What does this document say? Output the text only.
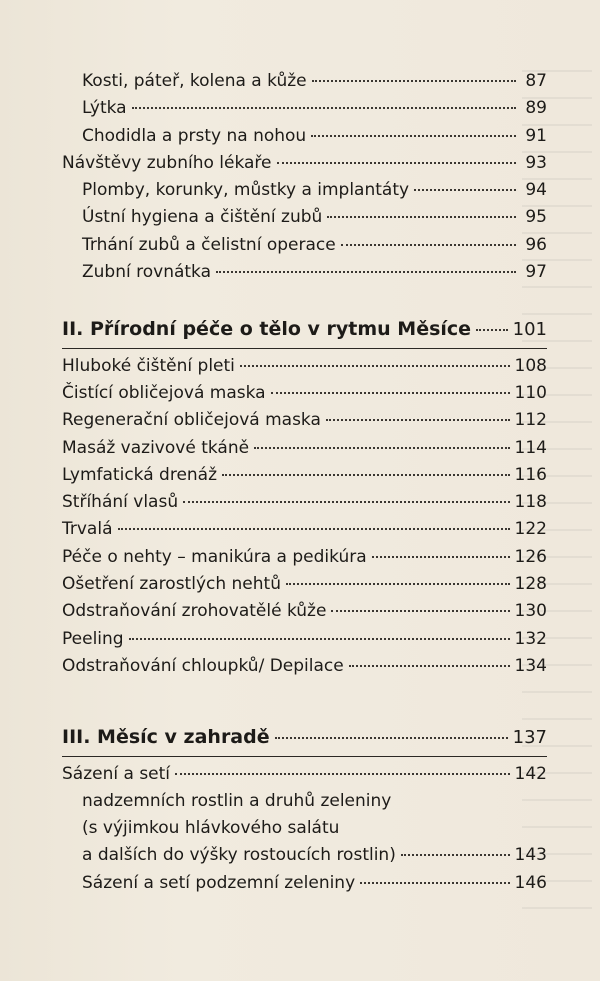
Kosti, páteř, kolena a kůže	87
Lýtka	89
Chodidla a prsty na nohou	91
Návštěvy zubního lékaře	93
Plomby, korunky, můstky a implantáty	94
Ústní hygiena a čištění zubů	95
Trhání zubů a čelistní operace	96
Zubní rovnátka	97
II. Přírodní péče o tělo v rytmu Měsíce 101
Hluboké čištění pleti	108
Čistící obličejová maska	110
Regenerační obličejová maska	112
Masáž vazivové tkáně	114
Lymfatická drenáž	116
Stříhání vlasů	118
Trvalá	122
Péče o nehty – manikúra a pedikúra	126
Ošetření zarostlých nehtů	128
Odstraňování zrohovatělé kůže	130
Peeling	132
Odstraňování chloupků/ Depilace	134
III. Měsíc v zahradě	137
Sázení a setí	142
nadzemních rostlin a druhů zeleniny
(s výjimkou hlávkového salátu
a dalších do výšky rostoucích rostlin)	143
Sázení a setí podzemní zeleniny	146
